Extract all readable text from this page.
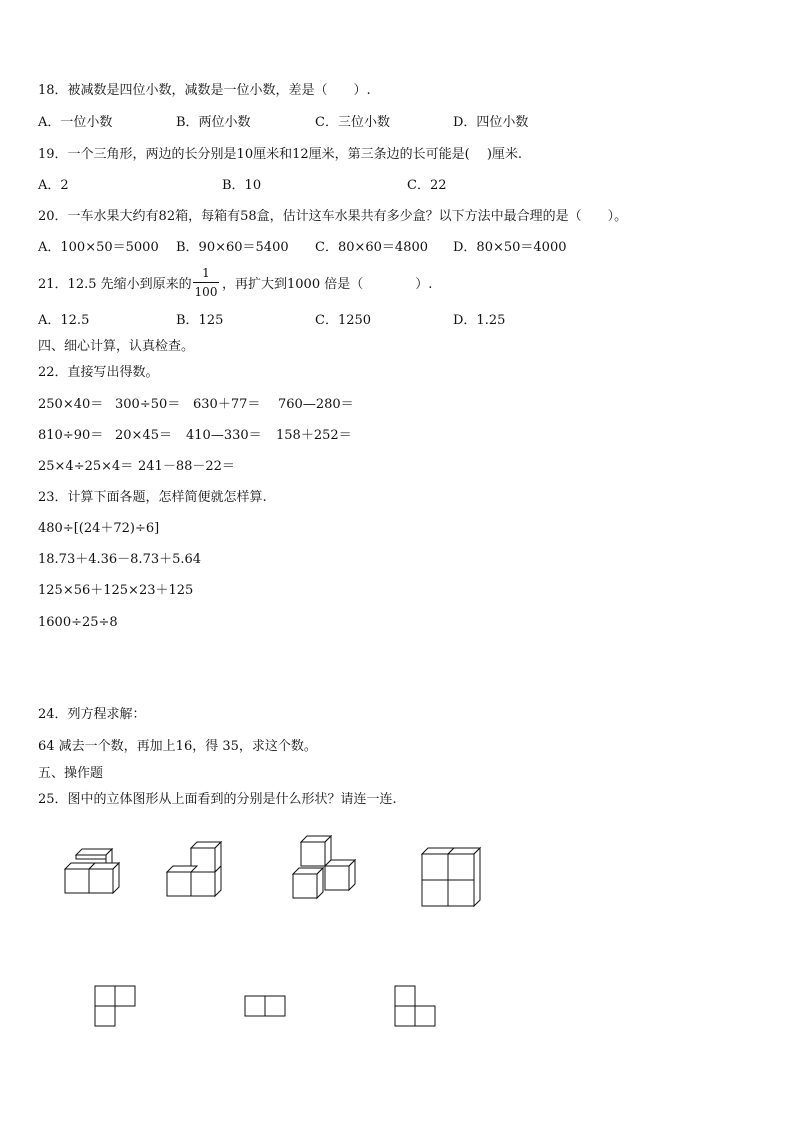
18．被减数是四位小数，减数是一位小数，差是（　　）.
A．一位小数	B．两位小数	C．三位小数	D．四位小数
19．一个三角形，两边的长分别是10厘米和12厘米，第三条边的长可能是(　 )厘米.
A．2	B．10	C．22
20．一车水果大约有82箱，每箱有58盒，估计这车水果共有多少盒？以下方法中最合理的是（　　）。
A．100×50＝5000 B．90×60＝5400 C．80×60＝4800 D．80×50＝4000
21．12.5 先缩小到原来的
1
100 ，再扩大到1000 倍是（　　　　）.
A．12.5	B．125	C．1250	D．1.25
四、细心计算，认真检查。
22．直接写出得数。
250×40＝ 300÷50＝ 630＋77＝ 760—280＝
810÷90＝ 20×45＝ 410—330＝ 158＋252＝
25×4÷25×4＝ 241－88－22＝
23．计算下面各题，怎样简便就怎样算.
480÷[(24＋72)÷6]
18.73＋4.36－8.73＋5.64
125×56＋125×23＋125
1600÷25÷8
24．列方程求解：
64 减去一个数，再加上16，得 35，求这个数。
五、操作题
25．图中的立体图形从上面看到的分别是什么形状？请连一连.
